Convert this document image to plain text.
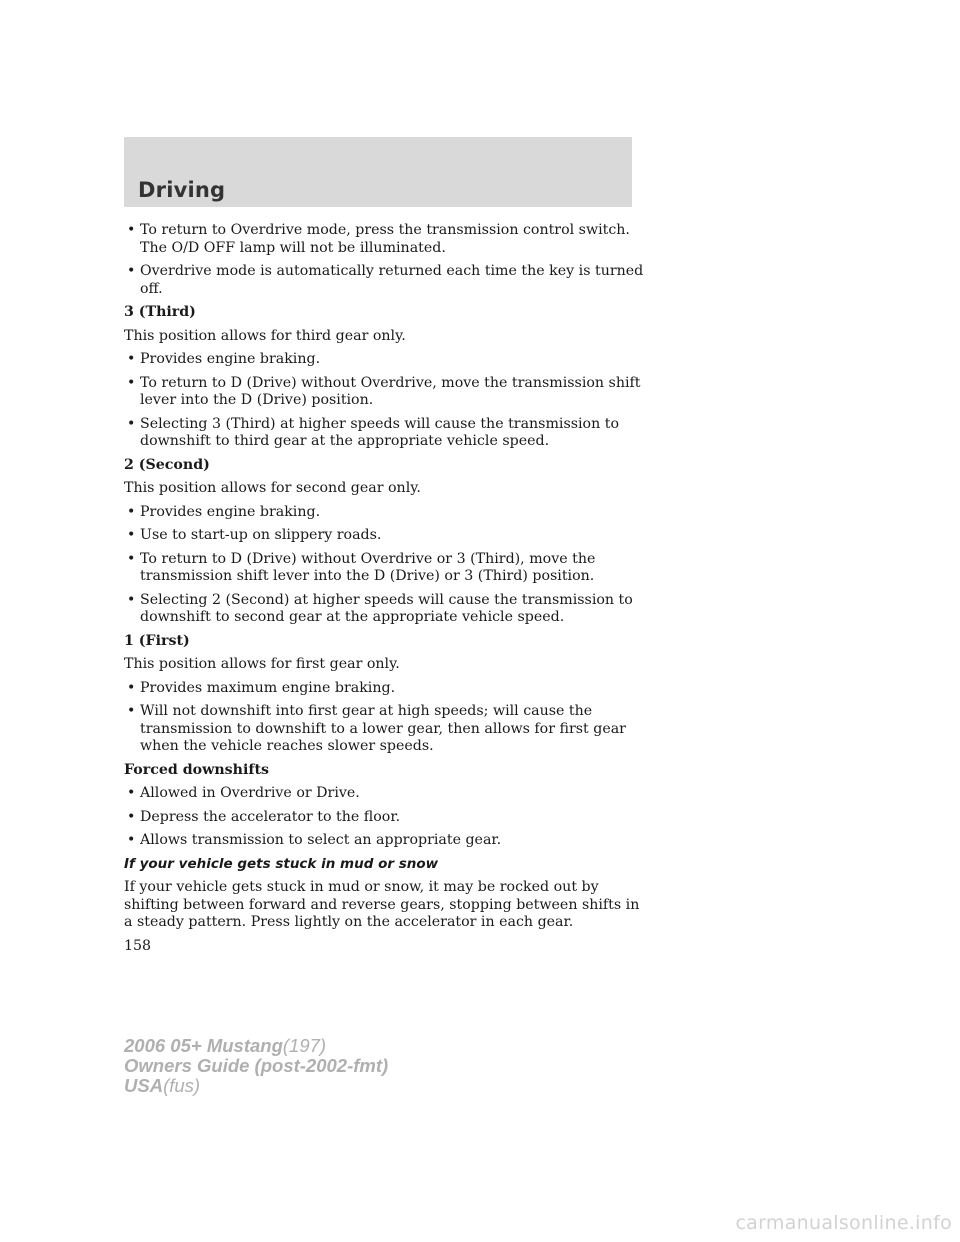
Driving
• To return to Overdrive mode, press the transmission control switch. The O/D OFF lamp will not be illuminated.
• Overdrive mode is automatically returned each time the key is turned off.
3 (Third)
This position allows for third gear only.
• Provides engine braking.
• To return to D (Drive) without Overdrive, move the transmission shift lever into the D (Drive) position.
• Selecting 3 (Third) at higher speeds will cause the transmission to downshift to third gear at the appropriate vehicle speed.
2 (Second)
This position allows for second gear only.
• Provides engine braking.
• Use to start-up on slippery roads.
• To return to D (Drive) without Overdrive or 3 (Third), move the transmission shift lever into the D (Drive) or 3 (Third) position.
• Selecting 2 (Second) at higher speeds will cause the transmission to downshift to second gear at the appropriate vehicle speed.
1 (First)
This position allows for first gear only.
• Provides maximum engine braking.
• Will not downshift into first gear at high speeds; will cause the transmission to downshift to a lower gear, then allows for first gear when the vehicle reaches slower speeds.
Forced downshifts
• Allowed in Overdrive or Drive.
• Depress the accelerator to the floor.
• Allows transmission to select an appropriate gear.
If your vehicle gets stuck in mud or snow
If your vehicle gets stuck in mud or snow, it may be rocked out by shifting between forward and reverse gears, stopping between shifts in a steady pattern. Press lightly on the accelerator in each gear.
158
2006 05+ Mustang(197)
Owners Guide (post-2002-fmt)
USA(fus)
carmanualsonline.info
